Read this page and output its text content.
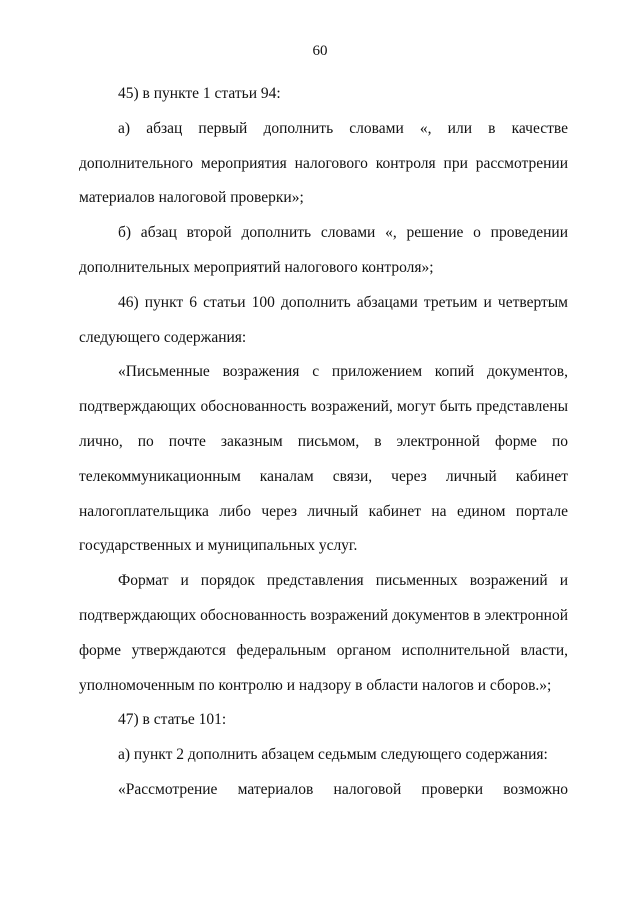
60

45) в пункте 1 статьи 94:

а) абзац первый дополнить словами «, или в качестве дополнительного мероприятия налогового контроля при рассмотрении материалов налоговой проверки»;

б) абзац второй дополнить словами «, решение о проведении дополнительных мероприятий налогового контроля»;

46) пункт 6 статьи 100 дополнить абзацами третьим и четвертым следующего содержания:

«Письменные возражения с приложением копий документов, подтверждающих обоснованность возражений, могут быть представлены лично, по почте заказным письмом, в электронной форме по телекоммуникационным каналам связи, через личный кабинет налогоплательщика либо через личный кабинет на едином портале государственных и муниципальных услуг.

Формат и порядок представления письменных возражений и подтверждающих обоснованность возражений документов в электронной форме утверждаются федеральным органом исполнительной власти, уполномоченным по контролю и надзору в области налогов и сборов.»;

47) в статье 101:

а) пункт 2 дополнить абзацем седьмым следующего содержания:

«Рассмотрение материалов налоговой проверки возможно
